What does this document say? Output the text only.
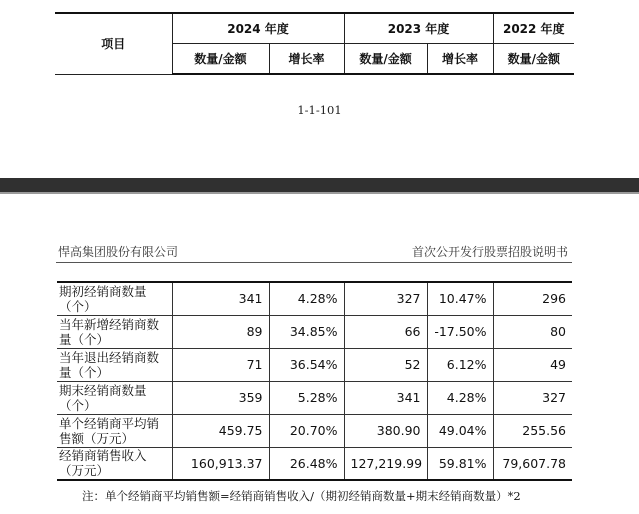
项目	2024 年度		2023 年度		2022 年度
	数量/金额	增长率	数量/金额	增长率	数量/金额
1-1-101
悍高集团股份有限公司	首次公开发行股票招股说明书
期初经销商数量（个）	341	4.28%	327	10.47%	296
当年新增经销商数量（个）	89	34.85%	66	-17.50%	80
当年退出经销商数量（个）	71	36.54%	52	6.12%	49
期末经销商数量（个）	359	5.28%	341	4.28%	327
单个经销商平均销售额（万元）	459.75	20.70%	380.90	49.04%	255.56
经销商销售收入（万元）	160,913.37	26.48%	127,219.99	59.81%	79,607.78
注：单个经销商平均销售额=经销商销售收入/（期初经销商数量+期末经销商数量）*2
